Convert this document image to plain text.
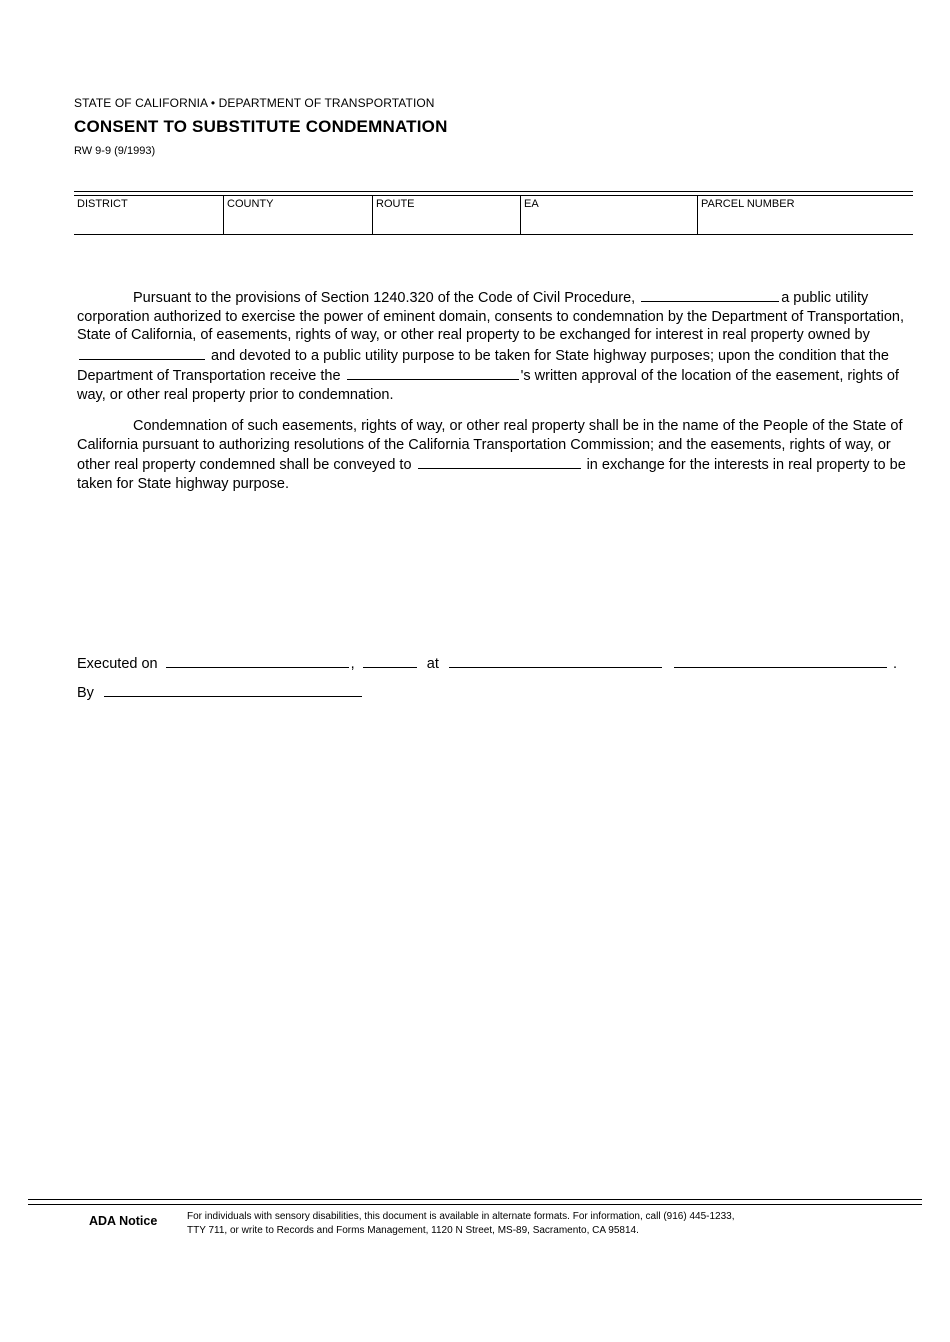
STATE OF CALIFORNIA • DEPARTMENT OF TRANSPORTATION
CONSENT TO SUBSTITUTE CONDEMNATION
RW 9-9 (9/1993)
DISTRICT	COUNTY	ROUTE	EA	PARCEL NUMBER
Pursuant to the provisions of Section 1240.320 of the Code of Civil Procedure,	a public utility corporation authorized to exercise the power of eminent domain, consents to condemnation by the Department of Transportation, State of California, of easements, rights of way, or other real property to be exchanged for interest in real property owned by  and devoted to a public utility purpose to be taken for State highway purposes; upon the condition that the Department of Transportation receive the	's written approval of the location of the easement, rights of way, or other real property prior to condemnation.
Condemnation of such easements, rights of way, or other real property shall be in the name of the People of the State of California pursuant to authorizing resolutions of the California Transportation Commission; and the easements, rights of way, or other real property condemned shall be conveyed to	in exchange for the interests in real property to be taken for State highway purpose.
Executed on	,	at	.
By
ADA Notice	For individuals with sensory disabilities, this document is available in alternate formats. For information, call (916) 445-1233,
TTY 711, or write to Records and Forms Management, 1120 N Street, MS-89, Sacramento, CA 95814.
